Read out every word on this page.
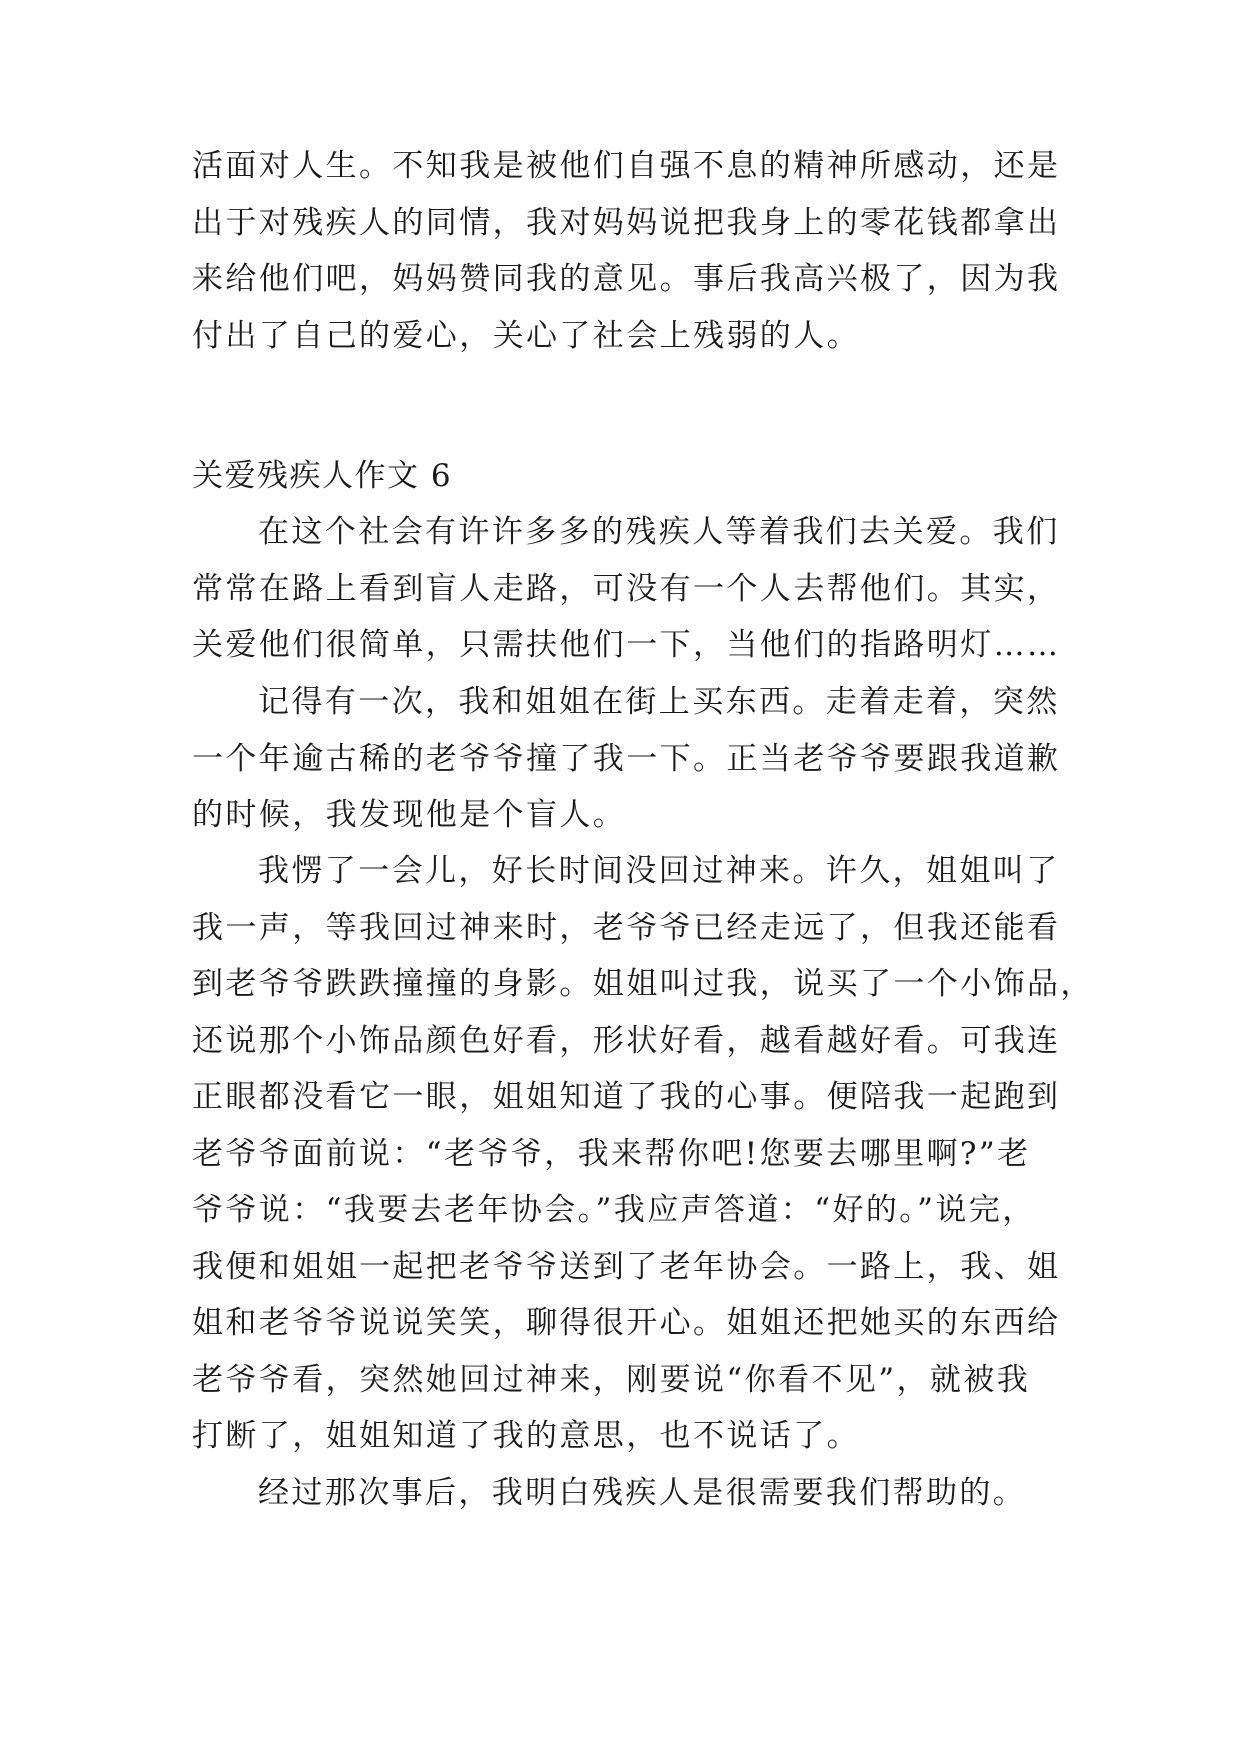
活面对人生。不知我是被他们自强不息的精神所感动，还是
出于对残疾人的同情，我对妈妈说把我身上的零花钱都拿出
来给他们吧，妈妈赞同我的意见。事后我高兴极了，因为我
付出了自己的爱心，关心了社会上残弱的人。
关爱残疾人作文 6
在这个社会有许许多多的残疾人等着我们去关爱。我们
常常在路上看到盲人走路，可没有一个人去帮他们。其实，
关爱他们很简单，只需扶他们一下，当他们的指路明灯……
记得有一次，我和姐姐在街上买东西。走着走着，突然
一个年逾古稀的老爷爷撞了我一下。正当老爷爷要跟我道歉
的时候，我发现他是个盲人。
我愣了一会儿，好长时间没回过神来。许久，姐姐叫了
我一声，等我回过神来时，老爷爷已经走远了，但我还能看
到老爷爷跌跌撞撞的身影。姐姐叫过我，说买了一个小饰品，
还说那个小饰品颜色好看，形状好看，越看越好看。可我连
正眼都没看它一眼，姐姐知道了我的心事。便陪我一起跑到
老爷爷面前说：“老爷爷，我来帮你吧!您要去哪里啊?”老
爷爷说：“我要去老年协会。”我应声答道：“好的。”说完，
我便和姐姐一起把老爷爷送到了老年协会。一路上，我、姐
姐和老爷爷说说笑笑，聊得很开心。姐姐还把她买的东西给
老爷爷看，突然她回过神来，刚要说“你看不见”，就被我
打断了，姐姐知道了我的意思，也不说话了。
经过那次事后，我明白残疾人是很需要我们帮助的。
